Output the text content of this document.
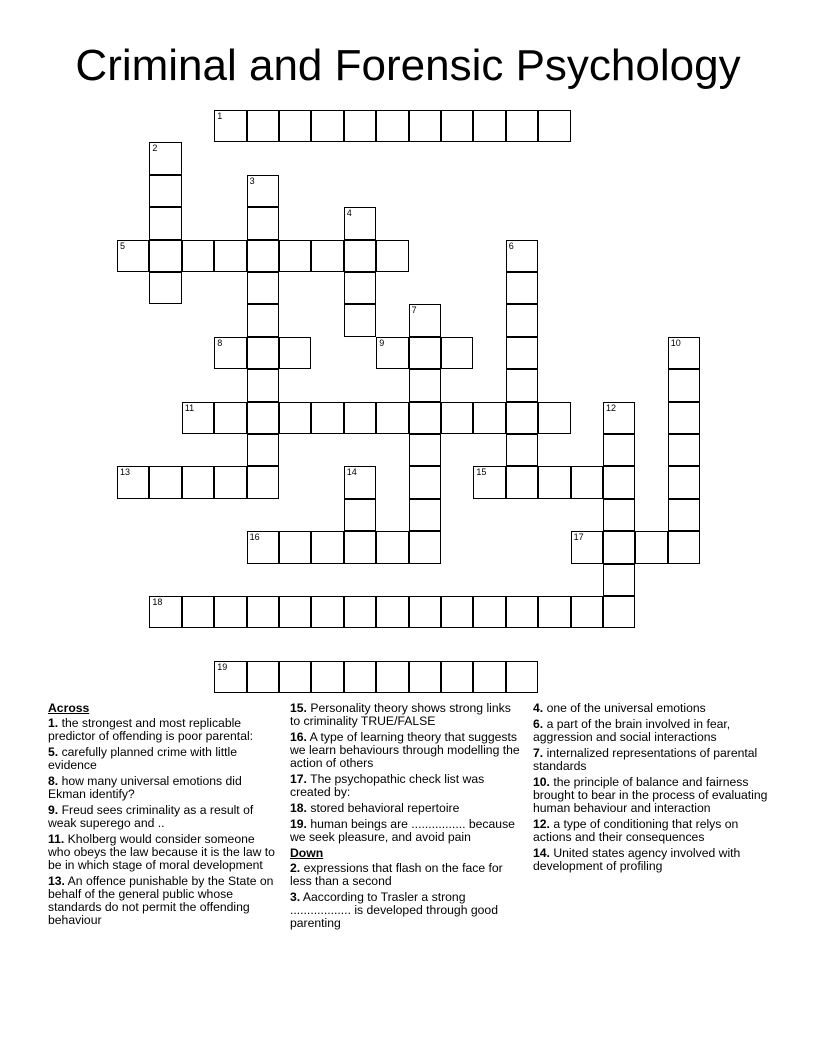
Criminal and Forensic Psychology
1
2
3
4
5	6
7
8	9	10
11	12
13	14	15
16	17
18
19
Across
1. the strongest and most replicable predictor of offending is poor parental:
5. carefully planned crime with little evidence
8. how many universal emotions did Ekman identify?
9. Freud sees criminality as a result of weak superego and ..
11. Kholberg would consider someone who obeys the law because it is the law to be in which stage of moral development
13. An offence punishable by the State on behalf of the general public whose standards do not permit the offending behaviour
15. Personality theory shows strong links to criminality TRUE/FALSE
16. A type of learning theory that suggests we learn behaviours through modelling the action of others
17. The psychopathic check list was created by:
18. stored behavioral repertoire
19. human beings are ................ because we seek pleasure, and avoid pain
Down
2. expressions that flash on the face for less than a second
3. Aaccording to Trasler a strong .................. is developed through good parenting
4. one of the universal emotions
6. a part of the brain involved in fear, aggression and social interactions
7. internalized representations of parental standards
10. the principle of balance and fairness brought to bear in the process of evaluating human behaviour and interaction
12. a type of conditioning that relys on actions and their consequences
14. United states agency involved with development of profiling
